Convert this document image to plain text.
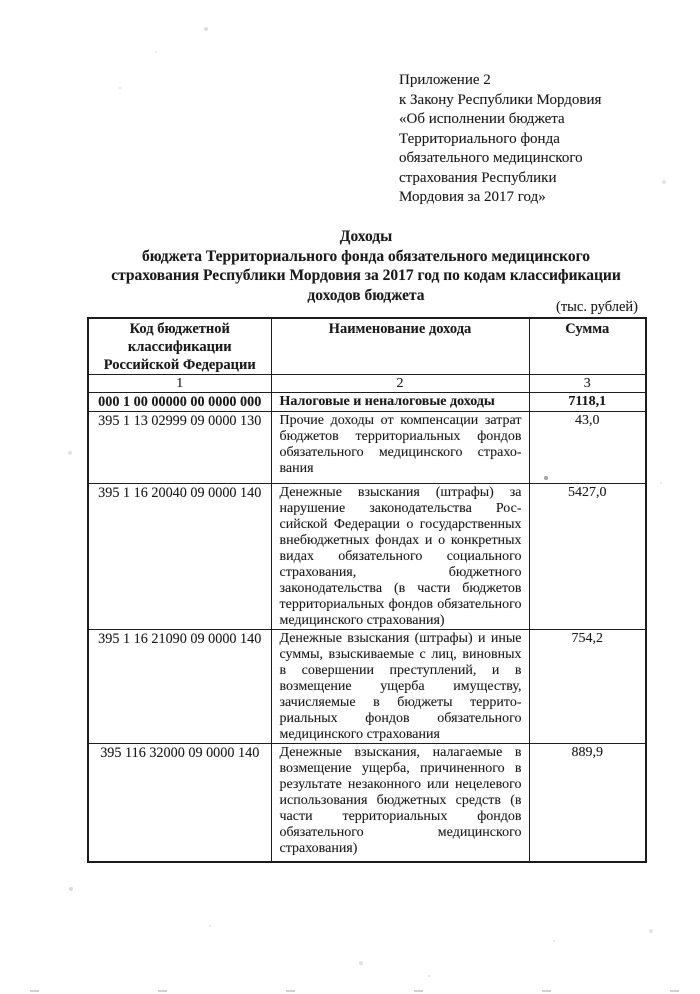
Приложение 2
к Закону Республики Мордовия
«Об исполнении бюджета
Территориального фонда
обязательного медицинского
страхования Республики
Мордовия за 2017 год»
Доходы
бюджета Территориального фонда обязательного медицинского
страхования Республики Мордовия за 2017 год по кодам классификации
доходов бюджета
(тыс. рублей)
Код бюджетной классификации Российской Федерации	Наименование дохода	Сумма
1	2	3
000 1 00 00000 00 0000 000	Налоговые и неналоговые доходы	7118,1
395 1 13 02999 09 0000 130	Прочие доходы от компенсации затрат бюджетов территориальных фондов обязательного медицинского страхования	43,0
395 1 16 20040 09 0000 140	Денежные взыскания (штрафы) за нарушение законодательства Российской Федерации о государственных внебюджетных фондах и о конкретных видах обязательного социального страхования, бюджетного законодательства (в части бюджетов территориальных фондов обязательного медицинского страхования)	5427,0
395 1 16 21090 09 0000 140	Денежные взыскания (штрафы) и иные суммы, взыскиваемые с лиц, виновных в совершении преступлений, и в возмещение ущерба имуществу, зачисляемые в бюджеты территориальных фондов обязательного медицинского страхования	754,2
395 116 32000 09 0000 140	Денежные взыскания, налагаемые в возмещение ущерба, причиненного в результате незаконного или нецелевого использования бюджетных средств (в части территориальных фондов обязательного медицинского страхования)	889,9
